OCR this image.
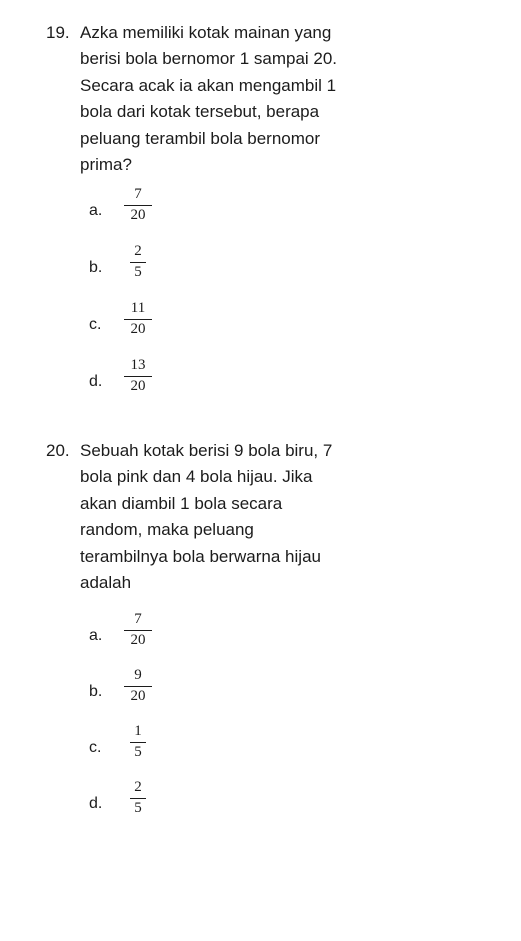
19. Azka memiliki kotak mainan yang
berisi bola bernomor 1 sampai 20.
Secara acak ia akan mengambil 1
bola dari kotak tersebut, berapa
peluang terambil bola bernomor
prima?
a.
7
20
b.
2
5
c.
11
20
d.
13
20
20. Sebuah kotak berisi 9 bola biru, 7
bola pink dan 4 bola hijau. Jika
akan diambil 1 bola secara
random, maka peluang
terambilnya bola berwarna hijau
adalah
a.
7
20
b.
9
20
c.
1
5
d.
2
5
